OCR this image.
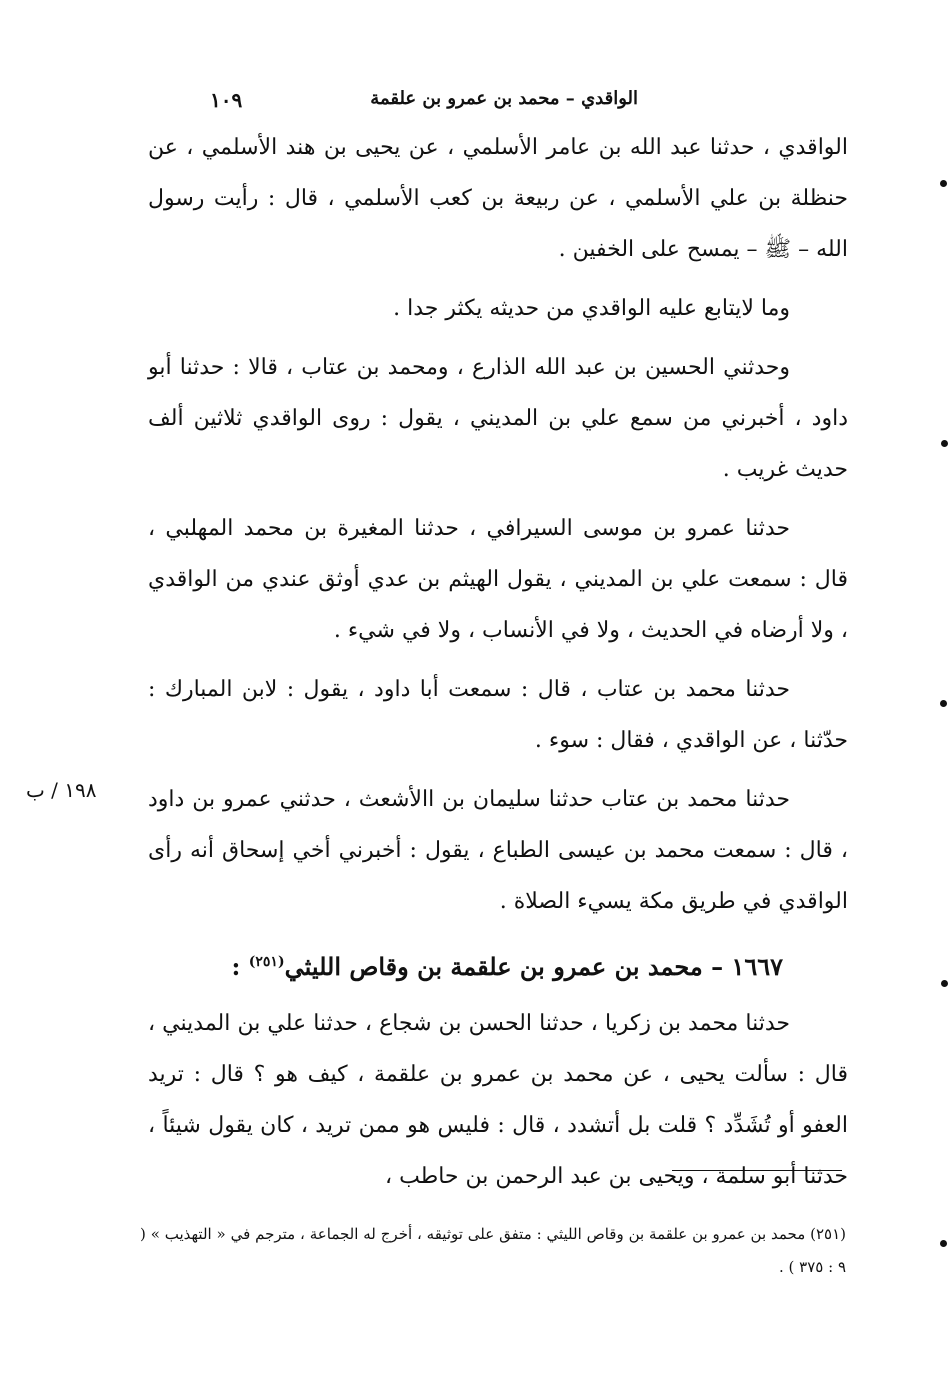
الواقدي – محمد بن عمرو بن علقمة
١٠٩

الواقدي ، حدثنا عبد الله بن عامر الأسلمي ، عن يحيى بن هند الأسلمي ، عن حنظلة بن علي الأسلمي ، عن ربيعة بن كعب الأسلمي ، قال : رأيت رسول الله – ﷺ – يمسح على الخفين .

وما لايتابع عليه الواقدي من حديثه يكثر جدا .

وحدثني الحسين بن عبد الله الذارع ، ومحمد بن عتاب ، قالا : حدثنا أبو داود ، أخبرني من سمع علي بن المديني ، يقول : روى الواقدي ثلاثين ألف حديث غريب .

حدثنا عمرو بن موسى السيرافي ، حدثنا المغيرة بن محمد المهلبي ، قال : سمعت علي بن المديني ، يقول الهيثم بن عدي أوثق عندي من الواقدي ، ولا أرضاه في الحديث ، ولا في الأنساب ، ولا في شيء .

حدثنا محمد بن عتاب ، قال : سمعت أبا داود ، يقول : لابن المبارك : حدّثنا ، عن الواقدي ، فقال : سوء .

حدثنا محمد بن عتاب حدثنا سليمان بن االأشعث ، حدثني عمرو بن داود ، قال : سمعت محمد بن عيسى الطباع ، يقول : أخبرني أخي إسحاق أنه رأى الواقدي في طريق مكة يسيء الصلاة .

١٦٦٧ – محمد بن عمرو بن علقمة بن وقاص الليثي$^{(٢٥١)}$ :

حدثنا محمد بن زكريا ، حدثنا الحسن بن شجاع ، حدثنا علي بن المديني ، قال : سألت يحيى ، عن محمد بن عمرو بن علقمة ، كيف هو ؟ قال : تريد العفو أو تُشَدِّد ؟ قلت بل أتشدد ، قال : فليس هو ممن تريد ، كان يقول شيئاً ، حدثنا أبو سلمة ، ويحيى بن عبد الرحمن بن حاطب ،

١٩٨ / ب
(٢٥١) محمد بن عمرو بن علقمة بن وقاص الليثي : متفق على توثيقه ، أخرج له الجماعة ، مترجم في « التهذيب » ( ٩ : ٣٧٥ ) .
